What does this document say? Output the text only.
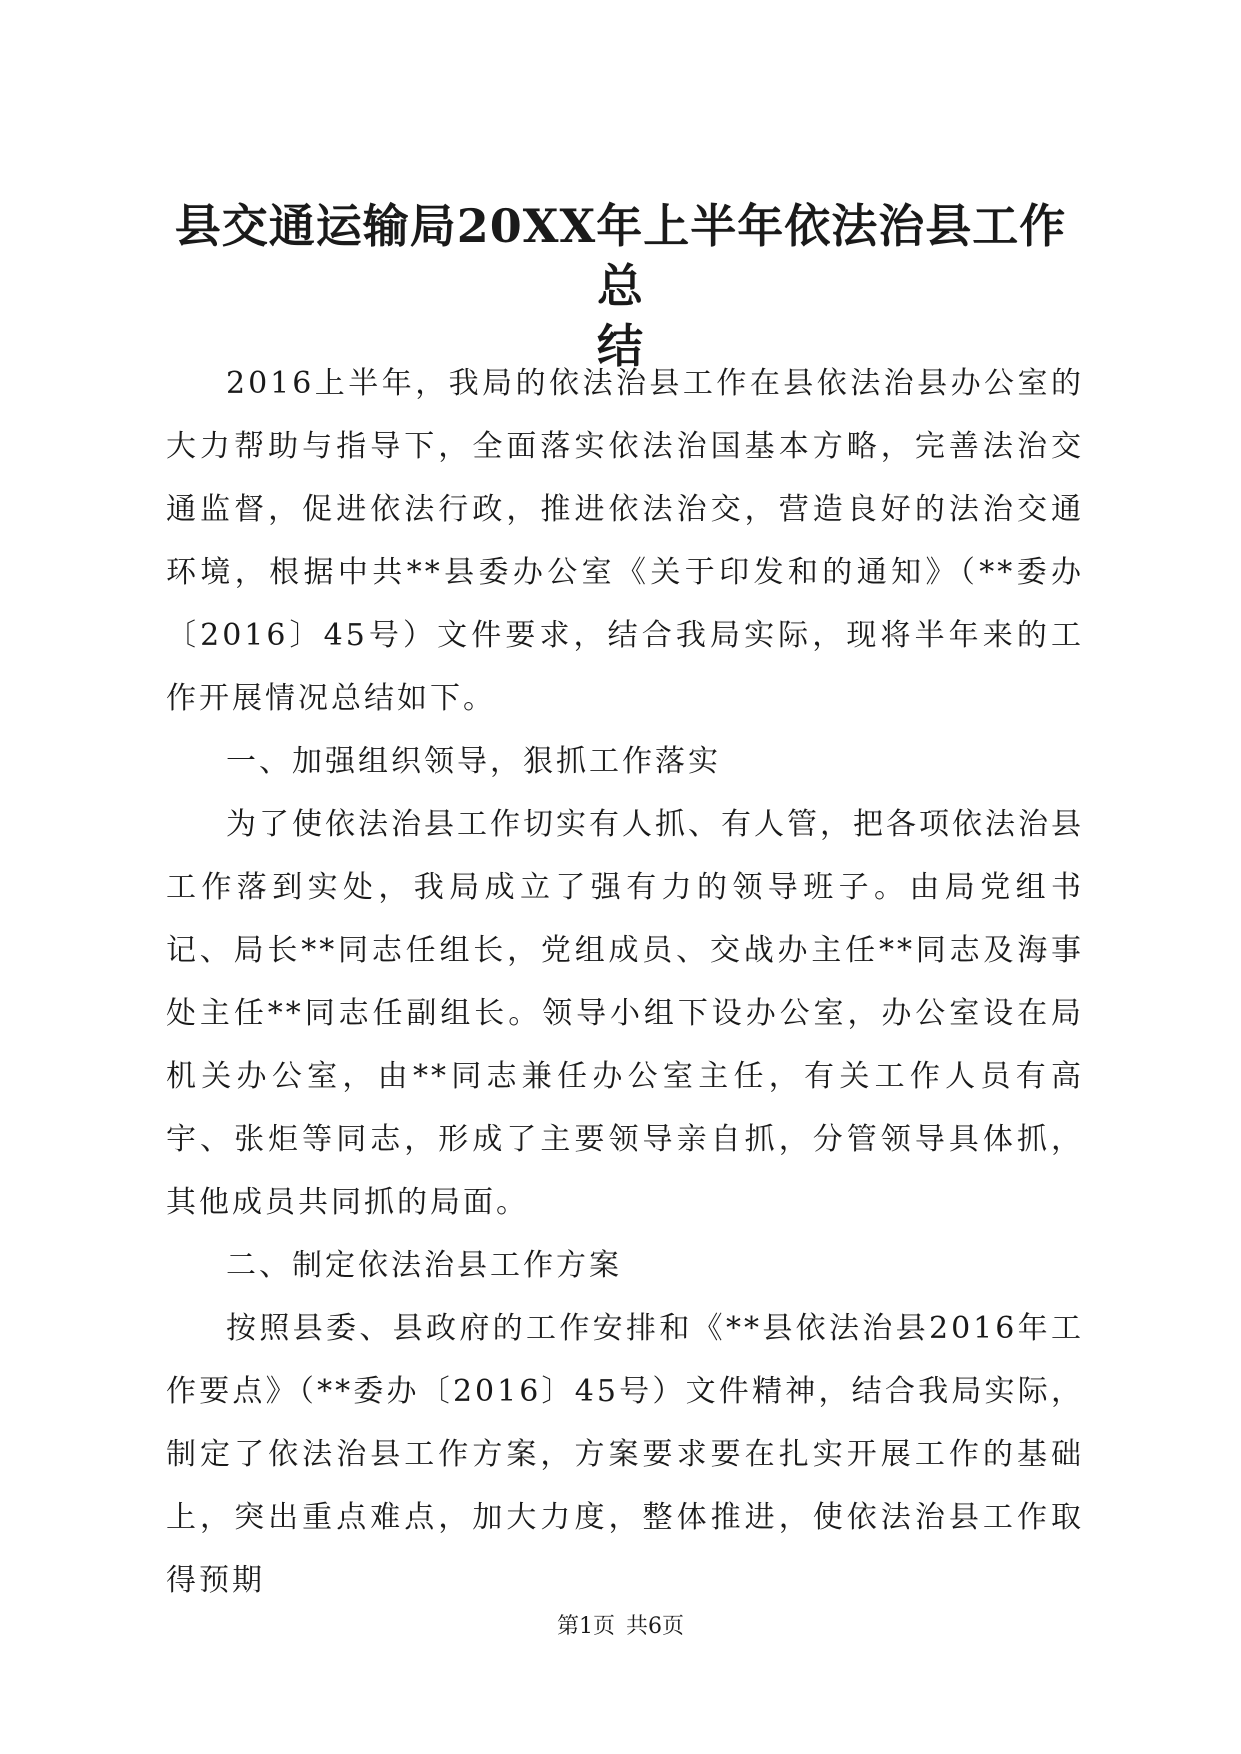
县交通运输局20XX年上半年依法治县工作总
结

2016上半年，我局的依法治县工作在县依法治县办公室的大力帮助与指导下，全面落实依法治国基本方略，完善法治交通监督，促进依法行政，推进依法治交，营造良好的法治交通环境，根据中共**县委办公室《关于印发和的通知》（**委办〔2016〕45号）文件要求，结合我局实际，现将半年来的工作开展情况总结如下。

一、加强组织领导，狠抓工作落实

为了使依法治县工作切实有人抓、有人管，把各项依法治县工作落到实处，我局成立了强有力的领导班子。由局党组书记、局长**同志任组长，党组成员、交战办主任**同志及海事处主任**同志任副组长。领导小组下设办公室，办公室设在局机关办公室，由**同志兼任办公室主任，有关工作人员有高宇、张炬等同志，形成了主要领导亲自抓，分管领导具体抓，其他成员共同抓的局面。

二、制定依法治县工作方案

按照县委、县政府的工作安排和《**县依法治县2016年工作要点》（**委办〔2016〕45号）文件精神，结合我局实际，制定了依法治县工作方案，方案要求要在扎实开展工作的基础上，突出重点难点，加大力度，整体推进，使依法治县工作取得预期

第1页 共6页
